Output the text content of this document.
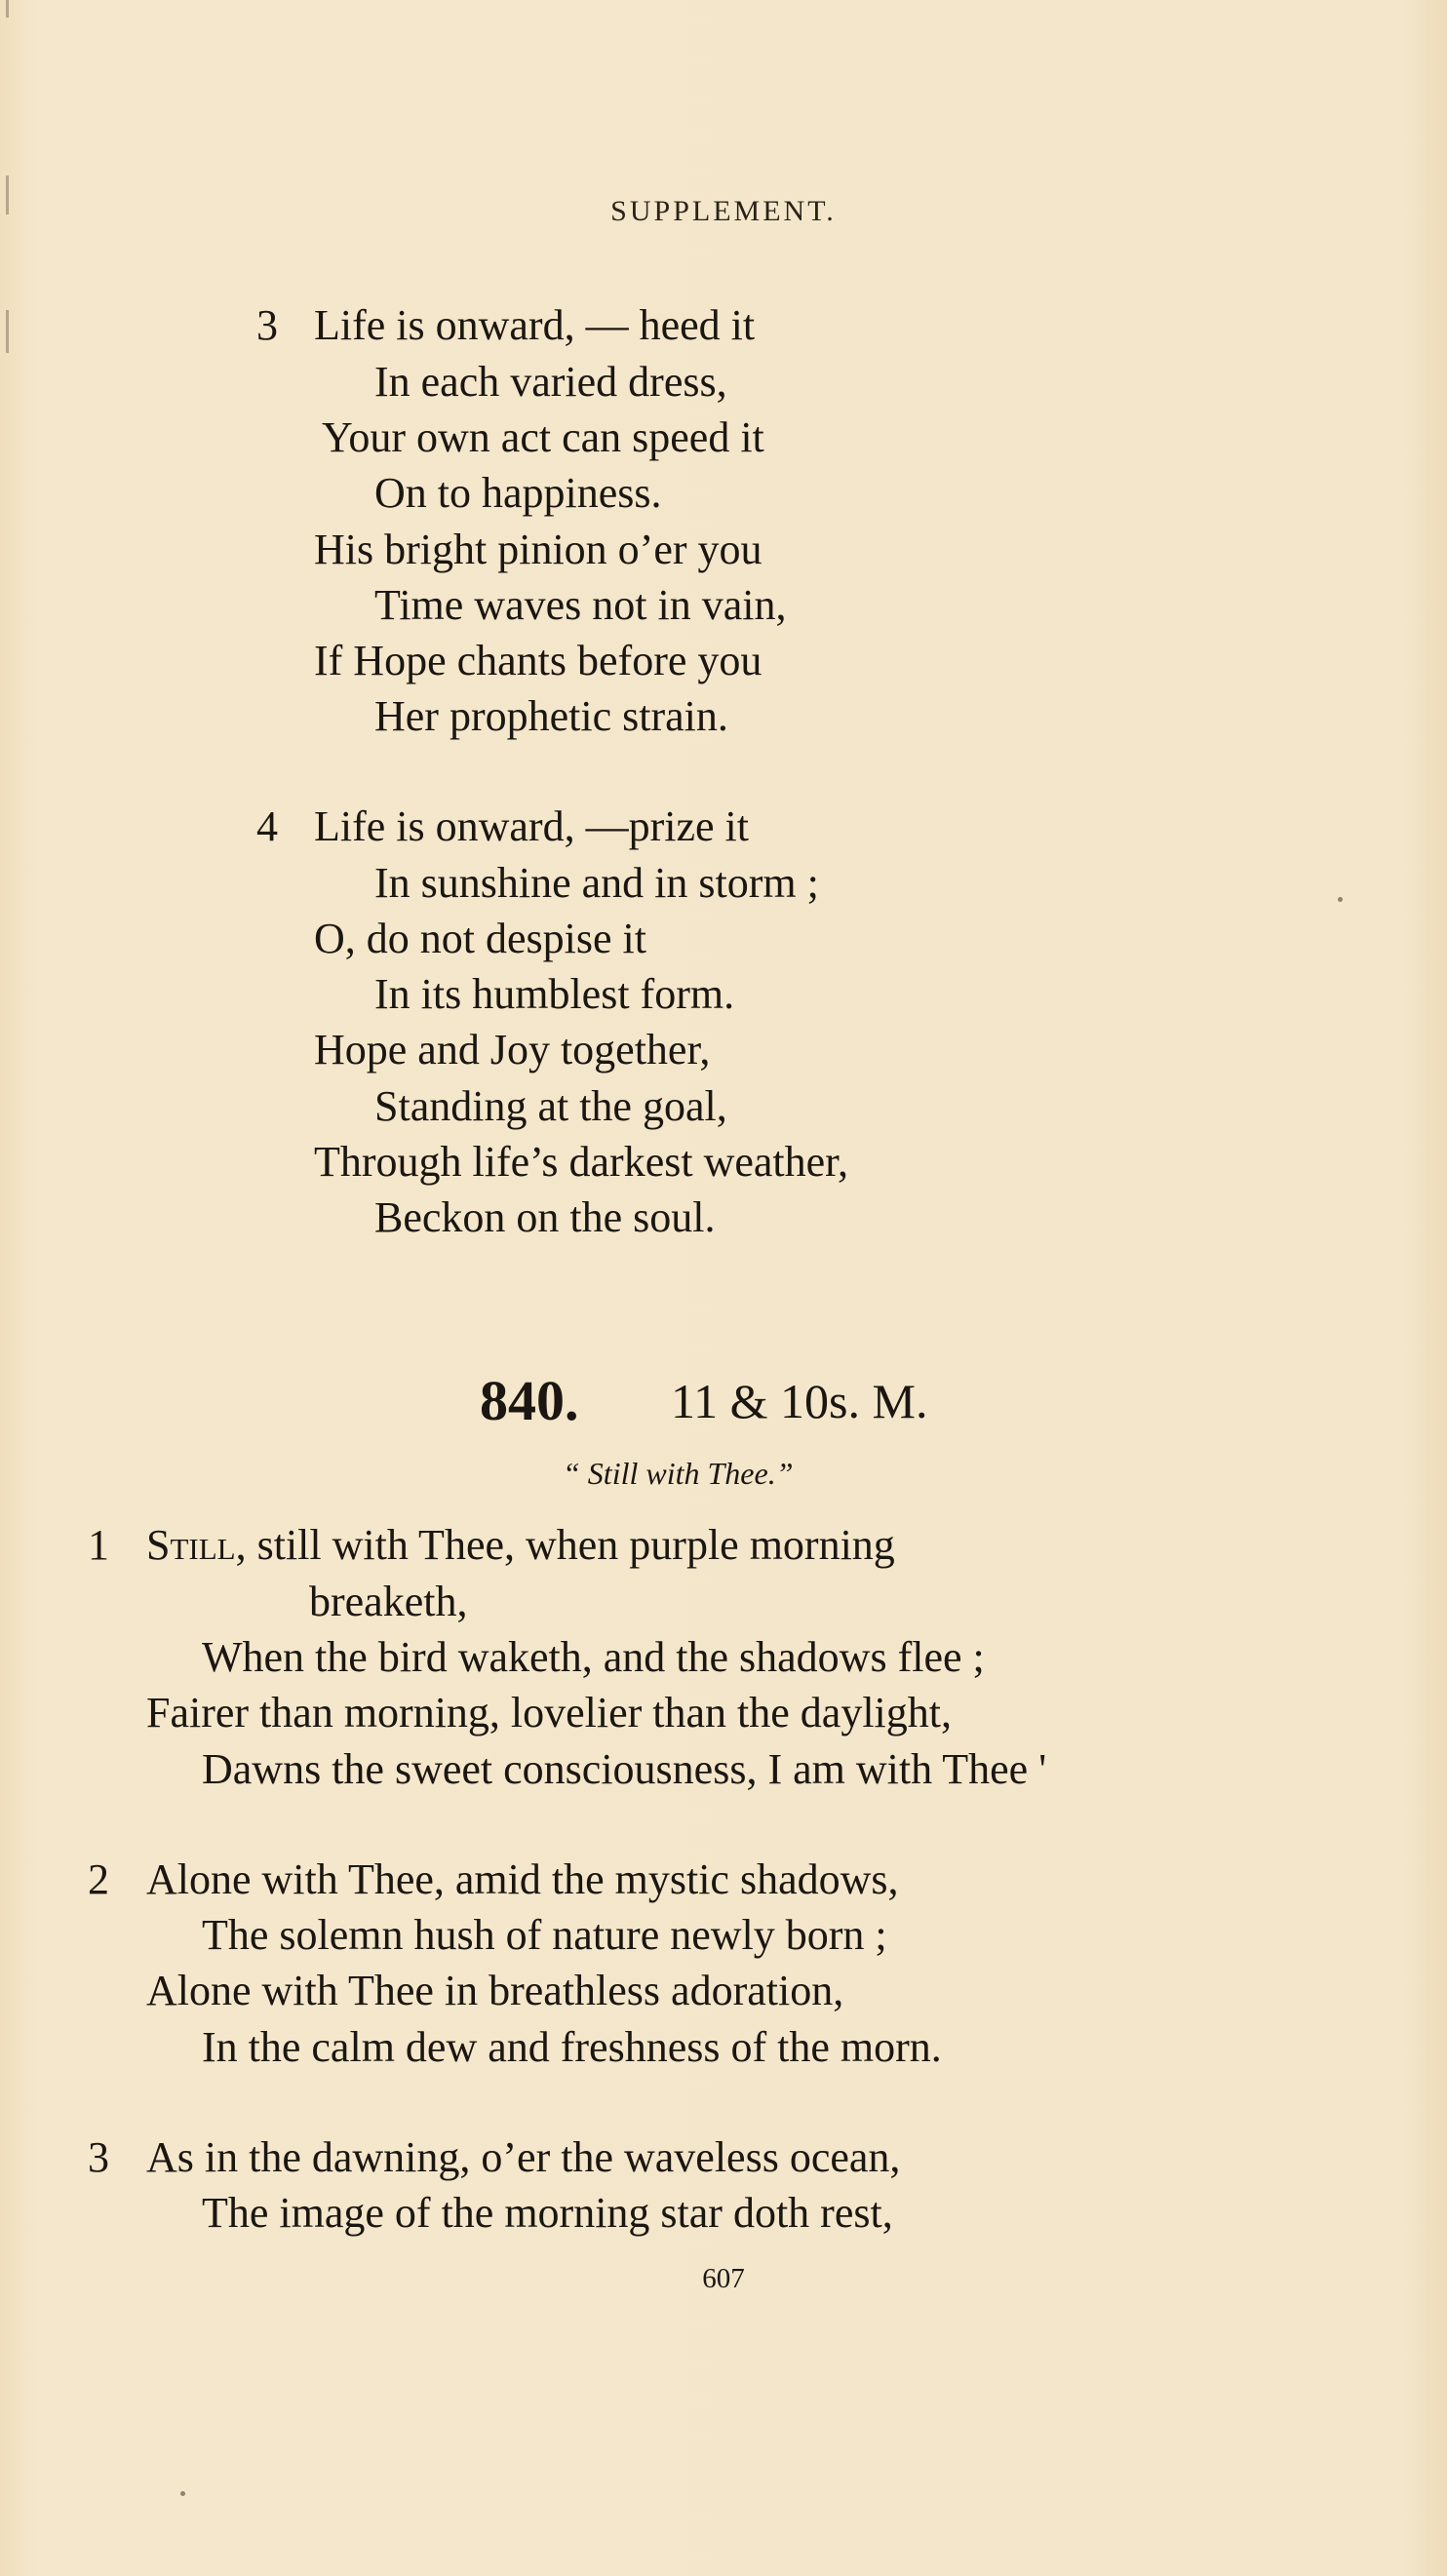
SUPPLEMENT.
3 Life is onward, — heed it
In each varied dress,
Your own act can speed it
On to happiness.
His bright pinion o’er you
Time waves not in vain,
If Hope chants before you
Her prophetic strain.
4 Life is onward, —prize it
In sunshine and in storm ;
O, do not despise it
In its humblest form.
Hope and Joy together,
Standing at the goal,
Through life’s darkest weather,
Beckon on the soul.
840. 11 & 10s. M.
“ Still with Thee.”
1 Still, still with Thee, when purple morning
breaketh,
When the bird waketh, and the shadows flee ;
Fairer than morning, lovelier than the daylight,
Dawns the sweet consciousness, I am with Thee '
2 Alone with Thee, amid the mystic shadows,
The solemn hush of nature newly born ;
Alone with Thee in breathless adoration,
In the calm dew and freshness of the morn.
3 As in the dawning, o’er the waveless ocean,
The image of the morning star doth rest,
607
